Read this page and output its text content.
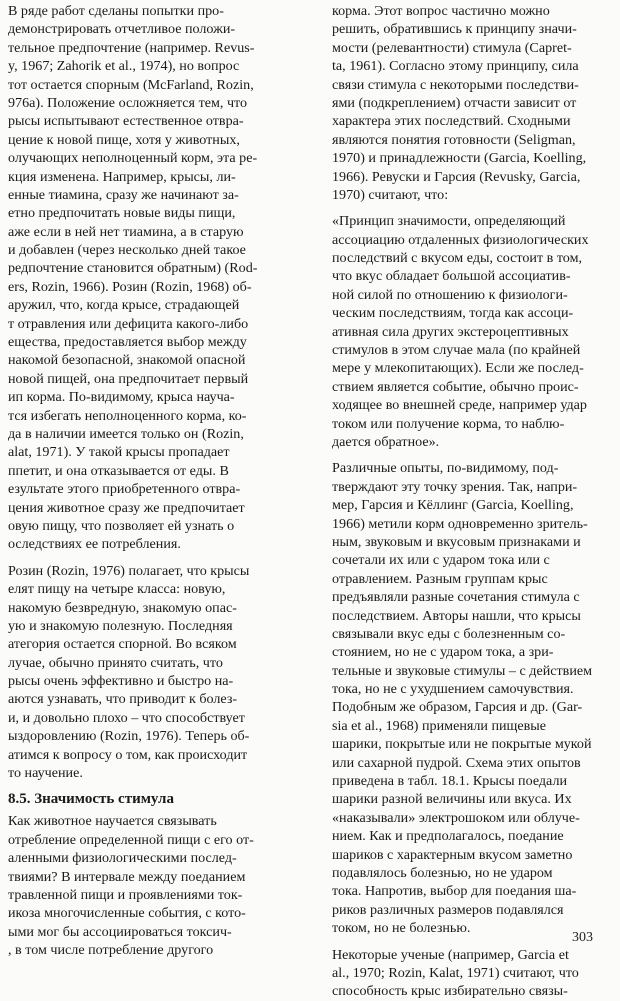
В ряде работ сделаны попытки про-
демонстрировать отчетливое положи-
тельное предпочтение (например. Revus-
y, 1967; Zahorik et al., 1974), но вопрос
тот остается спорным (McFarland, Rozin,
976a). Положение осложняется тем, что
рысы испытывают естественное отвра-
цение к новой пище, хотя у животных,
олучающих неполноценный корм, эта ре-
кция изменена. Например, крысы, ли-
енные тиамина, сразу же начинают за-
етно предпочитать новые виды пищи,
аже если в ней нет тиамина, а в старую
и добавлен (через несколько дней такое
редпочтение становится обратным) (Rod-
ers, Rozin, 1966). Розин (Rozin, 1968) об-
аружил, что, когда крысе, страдающей
т отравления или дефицита какого-либо
ещества, предоставляется выбор между
накомой безопасной, знакомой опасной
новой пищей, она предпочитает первый
ип корма. По-видимому, крыса науча-
тся избегать неполноценного корма, ко-
да в наличии имеется только он (Rozin,
alat, 1971). У такой крысы пропадает
ппетит, и она отказывается от еды. В
езультате этого приобретенного отвра-
цения животное сразу же предпочитает
овую пищу, что позволяет ей узнать о
оследствиях ее потребления.
Розин (Rozin, 1976) полагает, что крысы
елят пищу на четыре класса: новую,
накомую безвредную, знакомую опас-
ую и знакомую полезную. Последняя
атегория остается спорной. Во всяком
лучае, обычно принято считать, что
рысы очень эффективно и быстро на-
аются узнавать, что приводит к болез-
и, и довольно плохо – что способствует
ыздоровлению (Rozin, 1976). Теперь об-
атимся к вопросу о том, как происходит
то научение.
8.5. Значимость стимула
Как животное научается связывать
отребление определенной пищи с его от-
аленными физиологическими послед-
твиями? В интервале между поеданием
травленной пищи и проявлениями ток-
икоза многочисленные события, с кото-
ыми мог бы ассоциироваться токсич-
, в том числе потребление другого
корма. Этот вопрос частично можно
решить, обратившись к принципу значи-
мости (релевантности) стимула (Capret-
ta, 1961). Согласно этому принципу, сила
связи стимула с некоторыми последстви-
ями (подкреплением) отчасти зависит от
характера этих последствий. Сходными
являются понятия готовности (Seligman,
1970) и принадлежности (Garcia, Koelling,
1966). Ревуски и Гарсия (Revusky, Garcia,
1970) считают, что:
«Принцип значимости, определяющий
ассоциацию отдаленных физиологических
последствий с вкусом еды, состоит в том,
что вкус обладает большой ассоциатив-
ной силой по отношению к физиологи-
ческим последствиям, тогда как ассоци-
ативная сила других экстероцептивных
стимулов в этом случае мала (по крайней
мере у млекопитающих). Если же послед-
ствием является событие, обычно проис-
ходящее во внешней среде, например удар
током или получение корма, то наблю-
дается обратное».
Различные опыты, по-видимому, под-
тверждают эту точку зрения. Так, напри-
мер, Гарсия и Кёллинг (Garcia, Koelling,
1966) метили корм одновременно зритель-
ным, звуковым и вкусовым признаками и
сочетали их или с ударом тока или с
отравлением. Разным группам крыс
предъявляли разные сочетания стимула с
последствием. Авторы нашли, что крысы
связывали вкус еды с болезненным со-
стоянием, но не с ударом тока, а зри-
тельные и звуковые стимулы – с действием
тока, но не с ухудшением самочувствия.
Подобным же образом, Гарсия и др. (Gar-
sia et al., 1968) применяли пищевые
шарики, покрытые или не покрытые мукой
или сахарной пудрой. Схема этих опытов
приведена в табл. 18.1. Крысы поедали
шарики разной величины или вкуса. Их
«наказывали» электрошоком или облуче-
нием. Как и предполагалось, поедание
шариков с характерным вкусом заметно
подавлялось болезнью, но не ударом
тока. Напротив, выбор для поедания ша-
риков различных размеров подавлялся
током, но не болезнью.
Некоторые ученые (например, Garcia et
al., 1970; Rozin, Kalat, 1971) считают, что
способность крыс избирательно связы-
303
